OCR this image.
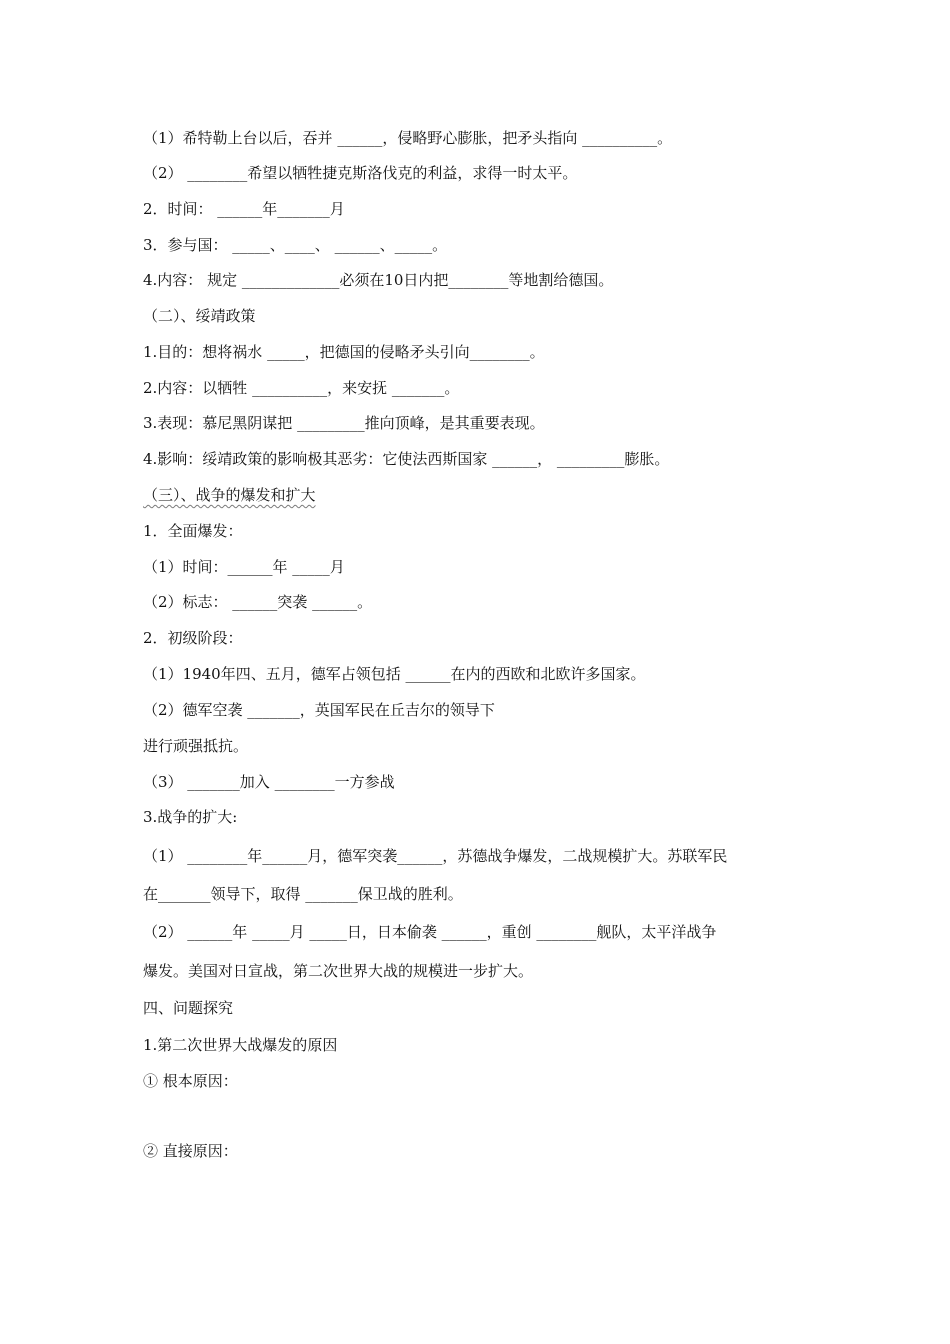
（1）希特勒上台以后，吞并 ______，侵略野心膨胀，把矛头指向 __________。
（2） ________希望以牺牲捷克斯洛伐克的利益，求得一时太平。
2．时间： ______年_______月
3．参与国： _____、____、 ______、_____。
4.内容： 规定 _____________必须在10日内把________等地割给德国。
（二）、绥靖政策
1.目的：想将祸水 _____，把德国的侵略矛头引向________。
2.内容：以牺牲 __________，来安抚 _______。
3.表现：慕尼黑阴谋把 _________推向顶峰，是其重要表现。
4.影响：绥靖政策的影响极其恶劣：它使法西斯国家 ______， _________膨胀。
（三）、战争的爆发和扩大
1．全面爆发：
（1）时间：______年 _____月
（2）标志： ______突袭 ______。
2．初级阶段：
（1）1940年四、五月，德军占领包括 ______在内的西欧和北欧许多国家。
（2）德军空袭 _______，英国军民在丘吉尔的领导下
进行顽强抵抗。
（3） _______加入 ________一方参战
3.战争的扩大:
（1） ________年______月，德军突袭______，苏德战争爆发，二战规模扩大。苏联军民
在_______领导下，取得 _______保卫战的胜利。
（2） ______年 _____月 _____日，日本偷袭 ______，重创 ________舰队，太平洋战争
爆发。美国对日宣战，第二次世界大战的规模进一步扩大。
四、问题探究
1.第二次世界大战爆发的原因
① 根本原因：
② 直接原因：
